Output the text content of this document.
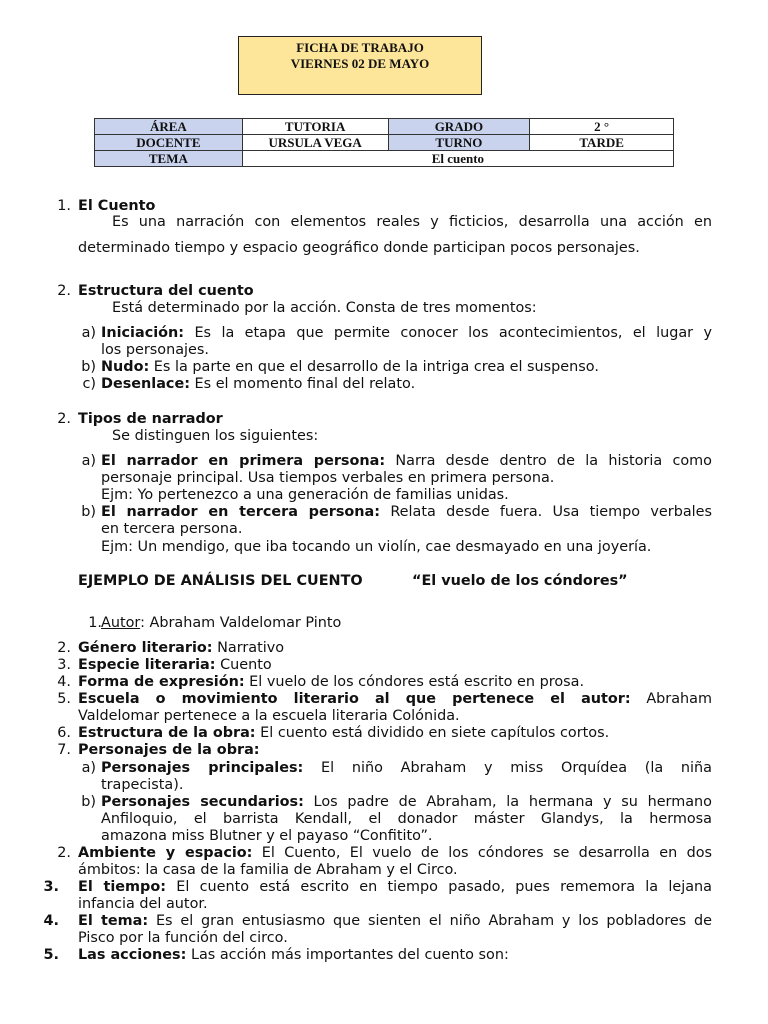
FICHA DE TRABAJO
VIERNES 02 DE MAYO
ÁREA	TUTORIA	GRADO	2 °
DOCENTE	URSULA VEGA	TURNO	TARDE
TEMA	El cuento		
1. El Cuento
Es una narración con elementos reales y ficticios, desarrolla una acción en
determinado tiempo y espacio geográfico donde participan pocos personajes.
2. Estructura del cuento
Está determinado por la acción. Consta de tres momentos:
a) Iniciación: Es la etapa que permite conocer los acontecimientos, el lugar y
los personajes.
b) Nudo: Es la parte en que el desarrollo de la intriga crea el suspenso.
c) Desenlace: Es el momento final del relato.
2. Tipos de narrador
Se distinguen los siguientes:
a) El narrador en primera persona: Narra desde dentro de la historia como
personaje principal. Usa tiempos verbales en primera persona.
Ejm: Yo pertenezco a una generación de familias unidas.
b) El narrador en tercera persona: Relata desde fuera. Usa tiempo verbales
en tercera persona.
Ejm: Un mendigo, que iba tocando un violín, cae desmayado en una joyería.
EJEMPLO DE ANÁLISIS DEL CUENTO	“El vuelo de los cóndores”
1. Autor: Abraham Valdelomar Pinto
2. Género literario: Narrativo
3. Especie literaria: Cuento
4. Forma de expresión: El vuelo de los cóndores está escrito en prosa.
5. Escuela o movimiento literario al que pertenece el autor: Abraham
Valdelomar pertenece a la escuela literaria Colónida.
6. Estructura de la obra: El cuento está dividido en siete capítulos cortos.
7. Personajes de la obra:
a) Personajes principales: El niño Abraham y miss Orquídea (la niña
trapecista).
b) Personajes secundarios: Los padre de Abraham, la hermana y su hermano
Anfiloquio, el barrista Kendall, el donador máster Glandys, la hermosa
amazona miss Blutner y el payaso “Confitito”.
2. Ambiente y espacio: El Cuento, El vuelo de los cóndores se desarrolla en dos
ámbitos: la casa de la familia de Abraham y el Circo.
3. El tiempo: El cuento está escrito en tiempo pasado, pues rememora la lejana
infancia del autor.
4. El tema: Es el gran entusiasmo que sienten el niño Abraham y los pobladores de
Pisco por la función del circo.
5. Las acciones: Las acción más importantes del cuento son:
